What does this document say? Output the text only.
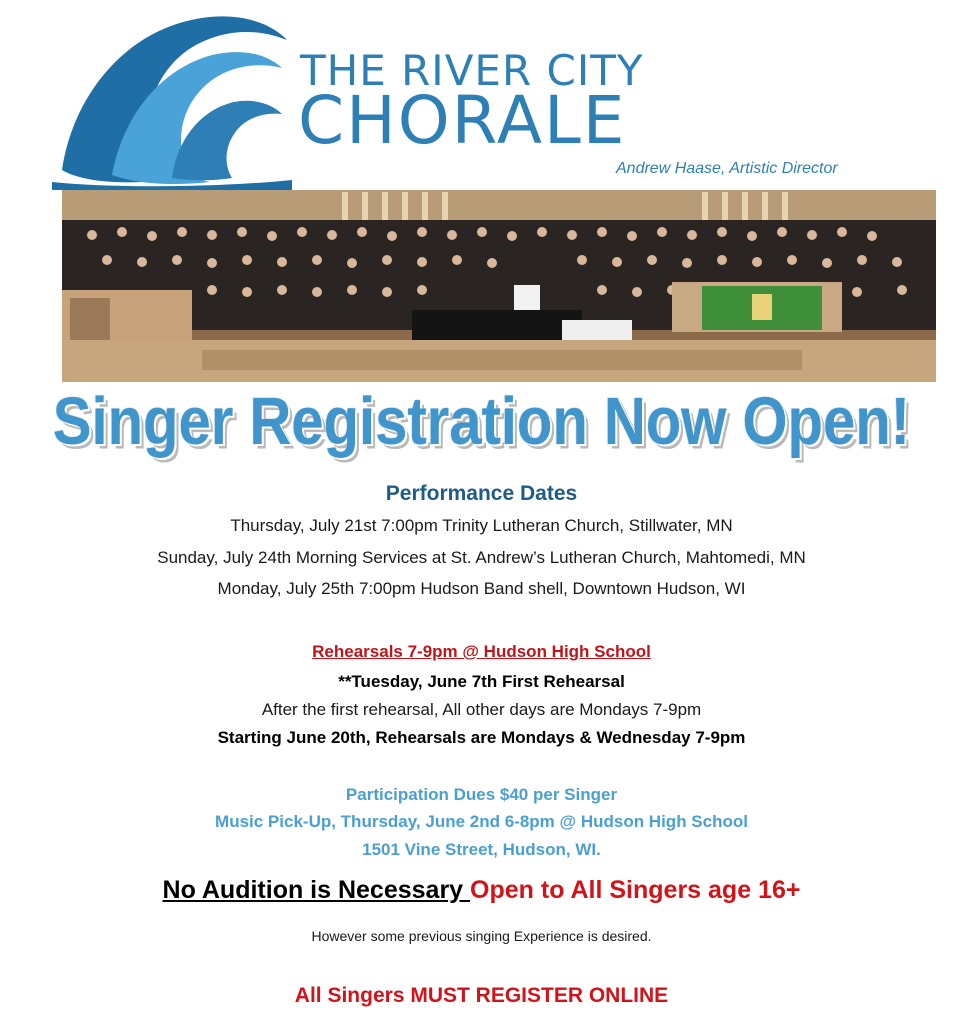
THE RIVER CITY
CHORALE
Andrew Haase, Artistic Director
Singer Registration Now Open!
Performance Dates
Thursday, July 21st 7:00pm Trinity Lutheran Church, Stillwater, MN
Sunday, July 24th Morning Services at St. Andrew’s Lutheran Church, Mahtomedi, MN
Monday, July 25th 7:00pm Hudson Band shell, Downtown Hudson, WI
Rehearsals 7-9pm @ Hudson High School
**Tuesday, June 7th First Rehearsal
After the first rehearsal, All other days are Mondays 7-9pm
Starting June 20th, Rehearsals are Mondays & Wednesday 7-9pm
Participation Dues $40 per Singer
Music Pick-Up, Thursday, June 2nd 6-8pm @ Hudson High School
1501 Vine Street, Hudson, WI.
No Audition is Necessary Open to All Singers age 16+
However some previous singing Experience is desired.
All Singers MUST REGISTER ONLINE
